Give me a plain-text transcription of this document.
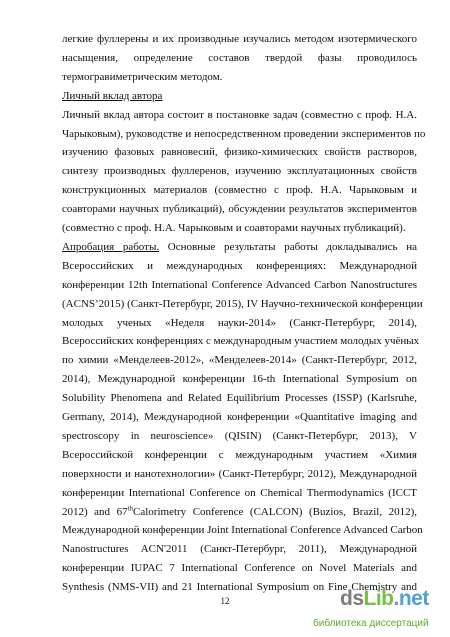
легкие фуллерены и их производные изучались методом изотермического
насыщения, определение составов твердой фазы проводилось
термогравиметрическим методом.
Личный вклад автора
Личный вклад автора состоит в постановке задач (совместно с проф. Н.А.
Чарыковым), руководстве и непосредственном проведении экспериментов по
изучению фазовых равновесий, физико-химических свойств растворов,
синтезу производных фуллеренов, изучению эксплуатационных свойств
конструкционных материалов (совместно с проф. Н.А. Чарыковым и
соавторами научных публикаций), обсуждении результатов экспериментов
(совместно с проф. Н.А. Чарыковым и соавторами научных публикаций).
Апробация работы. Основные результаты работы докладывались на
Всероссийских и международных конференциях: Международной
конференции 12th International Conference Advanced Carbon Nanostructures
(ACNS’2015) (Санкт-Петербург, 2015), IV Научно-технической конференции
молодых ученых «Неделя науки-2014» (Санкт-Петербург, 2014),
Всероссийских конференциях с международным участием молодых учёных
по химии «Менделеев-2012», «Менделеев-2014» (Санкт-Петербург, 2012,
2014), Международной конференции 16-th International Symposium on
Solubility Phenomena and Related Equilibrium Processes (ISSP) (Karlsruhe,
Germany, 2014), Международной конференции «Quantitative imaging and
spectroscopy in neuroscience» (QISIN) (Санкт-Петербург, 2013), V
Всероссийской конференции с международным участием «Химия
поверхности и нанотехнологии» (Санкт-Петербург, 2012), Международной
конференции International Conference on Chemical Thermodynamics (ICCT
2012) and 67thCalorimetry Conference (CALCON) (Buzios, Brazil, 2012),
Международной конференции Joint International Conference Advanced Carbon
Nanostructures ACN'2011 (Санкт-Петербург, 2011), Международной
конференции IUPAC 7 International Conference on Novel Materials and
Synthesis (NMS-VII) and 21 International Symposium on Fine Chemistry and
12	dsLib.net
библиотека диссертаций
